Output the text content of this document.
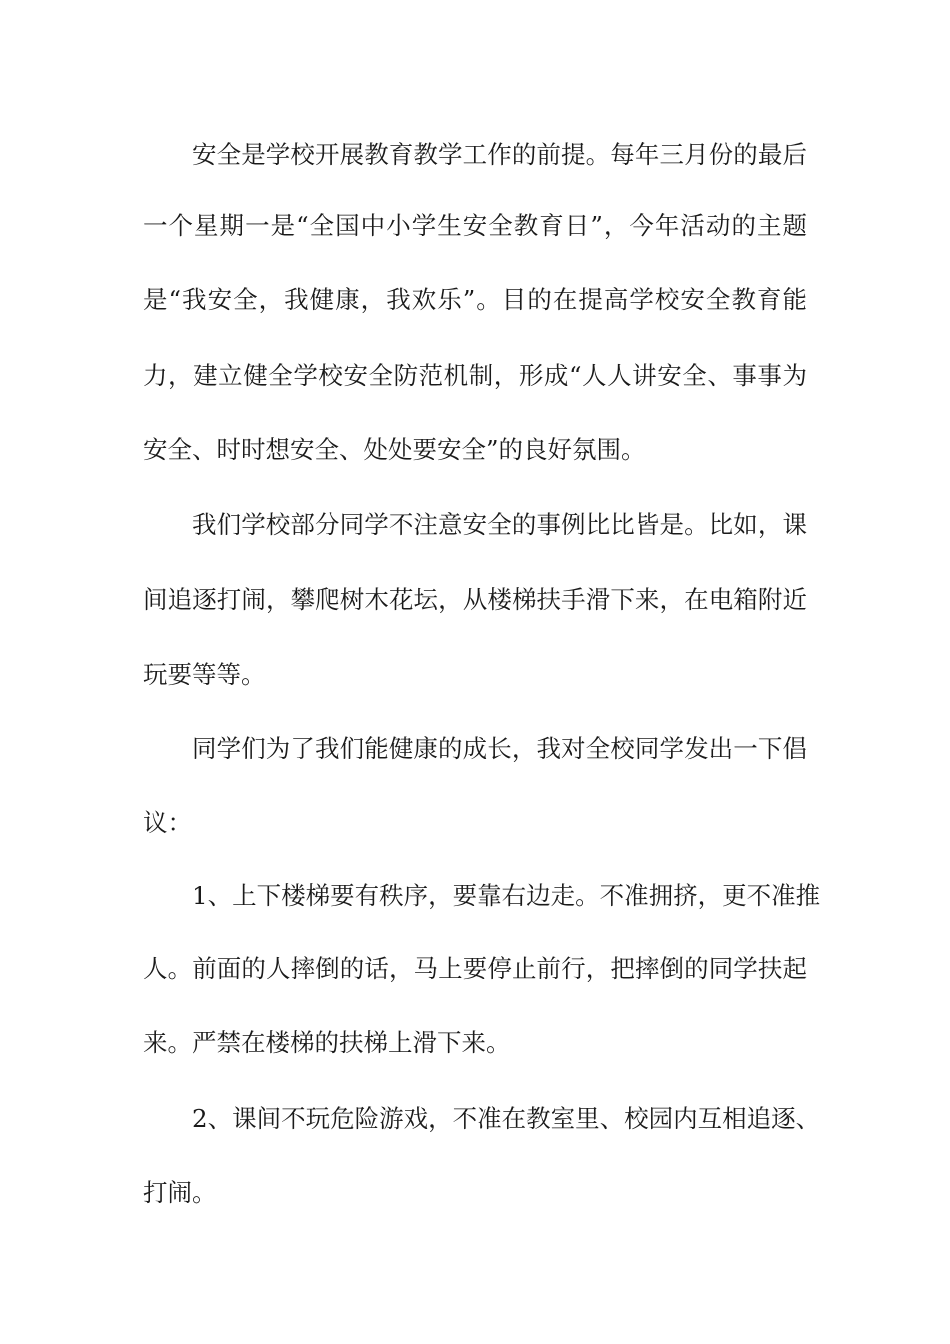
安全是学校开展教育教学工作的前提。每年三月份的最后
一个星期一是“全国中小学生安全教育日”，今年活动的主题
是“我安全，我健康，我欢乐”。目的在提高学校安全教育能
力，建立健全学校安全防范机制，形成“人人讲安全、事事为
安全、时时想安全、处处要安全”的良好氛围。
我们学校部分同学不注意安全的事例比比皆是。比如，课
间追逐打闹，攀爬树木花坛，从楼梯扶手滑下来，在电箱附近
玩要等等。
同学们为了我们能健康的成长，我对全校同学发出一下倡
议：
1、上下楼梯要有秩序，要靠右边走。不准拥挤，更不准推
人。前面的人摔倒的话，马上要停止前行，把摔倒的同学扶起
来。严禁在楼梯的扶梯上滑下来。
2、课间不玩危险游戏，不准在教室里、校园内互相追逐、
打闹。
